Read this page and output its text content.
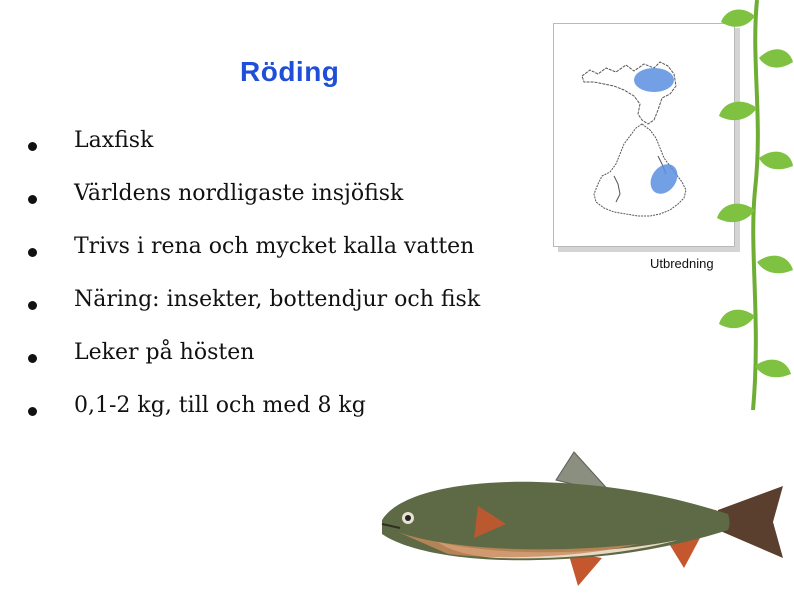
Röding
Laxfisk
Världens nordligaste insjöfisk
Trivs i rena och mycket kalla vatten
Näring: insekter, bottendjur och fisk
Leker på hösten
0,1-2 kg, till och med 8 kg
Utbredning
